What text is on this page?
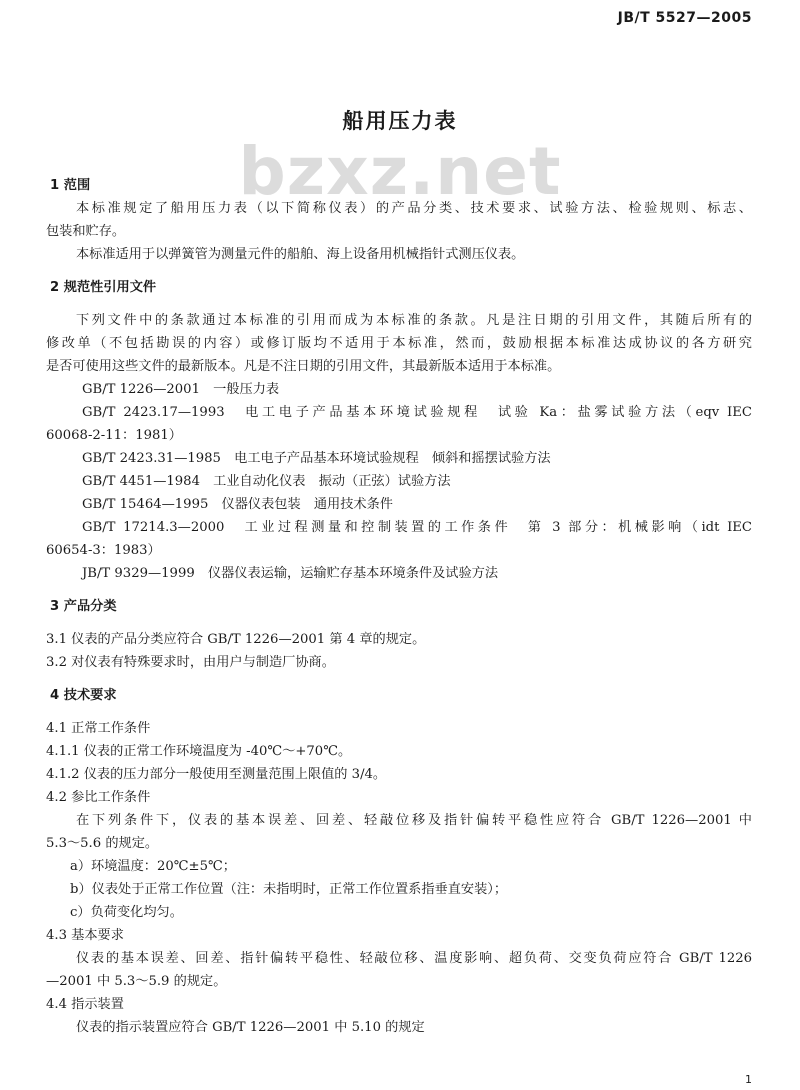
JB/T 5527—2005
船用压力表
bzxz.net
1 范围
本标准规定了船用压力表（以下简称仪表）的产品分类、技术要求、试验方法、检验规则、标志、
包装和贮存。
本标准适用于以弹簧管为测量元件的船舶、海上设备用机械指针式测压仪表。
2 规范性引用文件
下列文件中的条款通过本标准的引用而成为本标准的条款。凡是注日期的引用文件，其随后所有的
修改单（不包括勘误的内容）或修订版均不适用于本标准，然而，鼓励根据本标准达成协议的各方研究
是否可使用这些文件的最新版本。凡是不注日期的引用文件，其最新版本适用于本标准。
GB/T 1226—2001　一般压力表
GB/T 2423.17—1993　电工电子产品基本环境试验规程　试验 Ka：盐雾试验方法（eqv IEC
60068-2-11：1981）
GB/T 2423.31—1985　电工电子产品基本环境试验规程　倾斜和摇摆试验方法
GB/T 4451—1984　工业自动化仪表　振动（正弦）试验方法
GB/T 15464—1995　仪器仪表包装　通用技术条件
GB/T 17214.3—2000　工业过程测量和控制装置的工作条件　第 3 部分：机械影响（idt IEC
60654-3：1983）
JB/T 9329—1999　仪器仪表运输，运输贮存基本环境条件及试验方法
3 产品分类
3.1 仪表的产品分类应符合 GB/T 1226—2001 第 4 章的规定。
3.2 对仪表有特殊要求时，由用户与制造厂协商。
4 技术要求
4.1 正常工作条件
4.1.1 仪表的正常工作环境温度为 -40℃～+70℃。
4.1.2 仪表的压力部分一般使用至测量范围上限值的 3/4。
4.2 参比工作条件
在下列条件下，仪表的基本误差、回差、轻敲位移及指针偏转平稳性应符合 GB/T 1226—2001 中
5.3～5.6 的规定。
a）环境温度：20℃±5℃；
b）仪表处于正常工作位置（注：未指明时，正常工作位置系指垂直安装）；
c）负荷变化均匀。
4.3 基本要求
仪表的基本误差、回差、指针偏转平稳性、轻敲位移、温度影响、超负荷、交变负荷应符合 GB/T 1226
—2001 中 5.3～5.9 的规定。
4.4 指示装置
仪表的指示装置应符合 GB/T 1226—2001 中 5.10 的规定
1
